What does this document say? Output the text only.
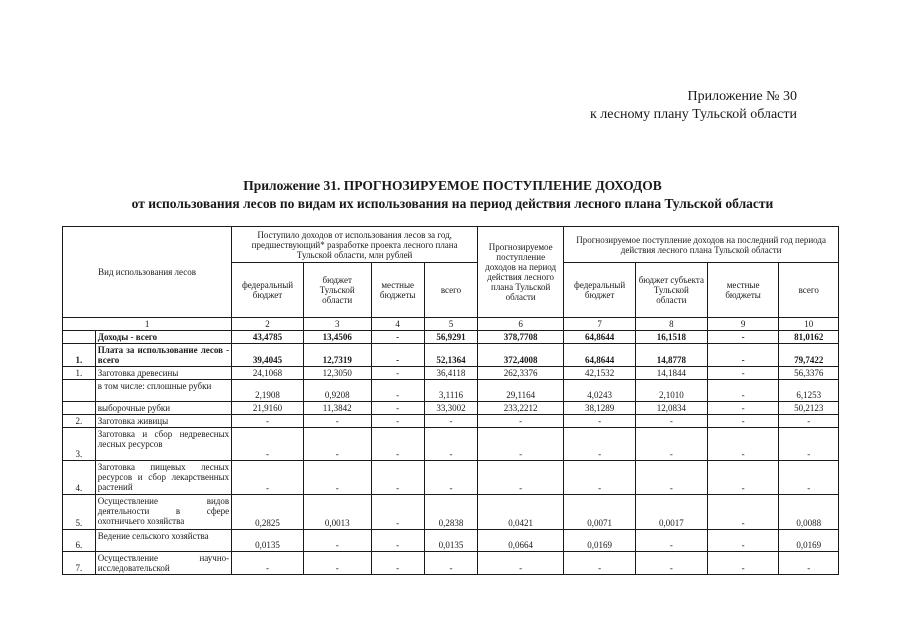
Приложение № 30
к лесному плану Тульской области
Приложение 31. ПРОГНОЗИРУЕМОЕ ПОСТУПЛЕНИЕ ДОХОДОВ
от использования лесов по видам их использования на период действия лесного плана Тульской области
Вид использования лесов		Поступило доходов от использования лесов за год, предшествующий* разработке проекта лесного плана Тульской области, млн рублей				Прогнозируемое поступление доходов на период действия лесного плана Тульской области	Прогнозируемое поступление доходов на последний год периода действия лесного плана Тульской области			
		федеральный бюджет	бюджет Тульской области	местные бюджеты	всего		федеральный бюджет	бюджет субъекта Тульской области	местные бюджеты	всего
1		2	3	4	5	6	7	8	9	10
	Доходы - всего	43,4785	13,4506	-	56,9291	378,7708	64,8644	16,1518	-	81,0162
1.	Плата за использование лесов - всего	39,4045	12,7319	-	52,1364	372,4008	64,8644	14,8778	-	79,7422
1.	Заготовка древесины	24,1068	12,3050	-	36,4118	262,3376	42,1532	14,1844	-	56,3376
	в том числе: сплошные рубки	2,1908	0,9208	-	3,1116	29,1164	4,0243	2,1010	-	6,1253
	выборочные рубки	21,9160	11,3842	-	33,3002	233,2212	38,1289	12,0834	-	50,2123
2.	Заготовка живицы	-	-	-	-	-	-	-	-	-
3.	Заготовка и сбор недревесных лесных ресурсов	-	-	-	-	-	-	-	-	-
4.	Заготовка пищевых лесных ресурсов и сбор лекарственных растений	-	-	-	-	-	-	-	-	-
5.	Осуществление видов деятельности в сфере охотничьего хозяйства	0,2825	0,0013	-	0,2838	0,0421	0,0071	0,0017	-	0,0088
6.	Ведение сельского хозяйства	0,0135	-	-	0,0135	0,0664	0,0169	-	-	0,0169
7.	Осуществление научно-исследовательской	-	-	-	-	-	-	-	-	-
